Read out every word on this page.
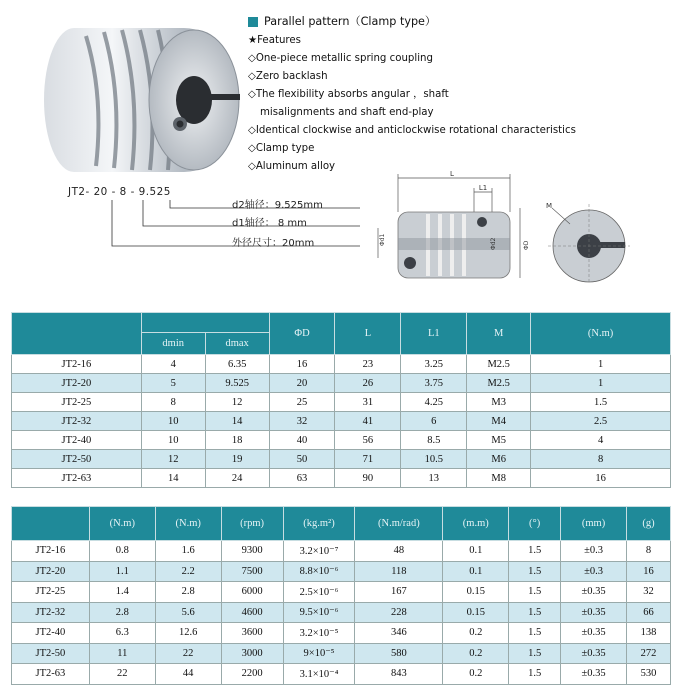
Parallel pattern（Clamp type）
★Features
◇One-piece metallic spring coupling
◇Zero backlash
◇The flexibility absorbs angular ，shaft
misalignments and shaft end-play
◇Identical clockwise and anticlockwise rotational characteristics
◇Clamp type
◇Aluminum alloy
JT2- 20 - 8 - 9.525
d2轴径：9.525mm
d1轴径： 8 mm
外径尺寸：20mm
L
L1
Φd1	Φd2	ΦD
M
			ΦD	L	L1	M	(N.m)
	dmin	dmax					
JT2-16	4	6.35	16	23	3.25	M2.5	1
JT2-20	5	9.525	20	26	3.75	M2.5	1
JT2-25	8	12	25	31	4.25	M3	1.5
JT2-32	10	14	32	41	6	M4	2.5
JT2-40	10	18	40	56	8.5	M5	4
JT2-50	12	19	50	71	10.5	M6	8
JT2-63	14	24	63	90	13	M8	16
	(N.m)	(N.m)	(rpm)	(kg.m²)	(N.m/rad)	(m.m)	(°)	(mm)	(g)
JT2-16	0.8	1.6	9300	3.2×10⁻⁷	48	0.1	1.5	±0.3	8
JT2-20	1.1	2.2	7500	8.8×10⁻⁶	118	0.1	1.5	±0.3	16
JT2-25	1.4	2.8	6000	2.5×10⁻⁶	167	0.15	1.5	±0.35	32
JT2-32	2.8	5.6	4600	9.5×10⁻⁶	228	0.15	1.5	±0.35	66
JT2-40	6.3	12.6	3600	3.2×10⁻⁵	346	0.2	1.5	±0.35	138
JT2-50	11	22	3000	9×10⁻⁵	580	0.2	1.5	±0.35	272
JT2-63	22	44	2200	3.1×10⁻⁴	843	0.2	1.5	±0.35	530
